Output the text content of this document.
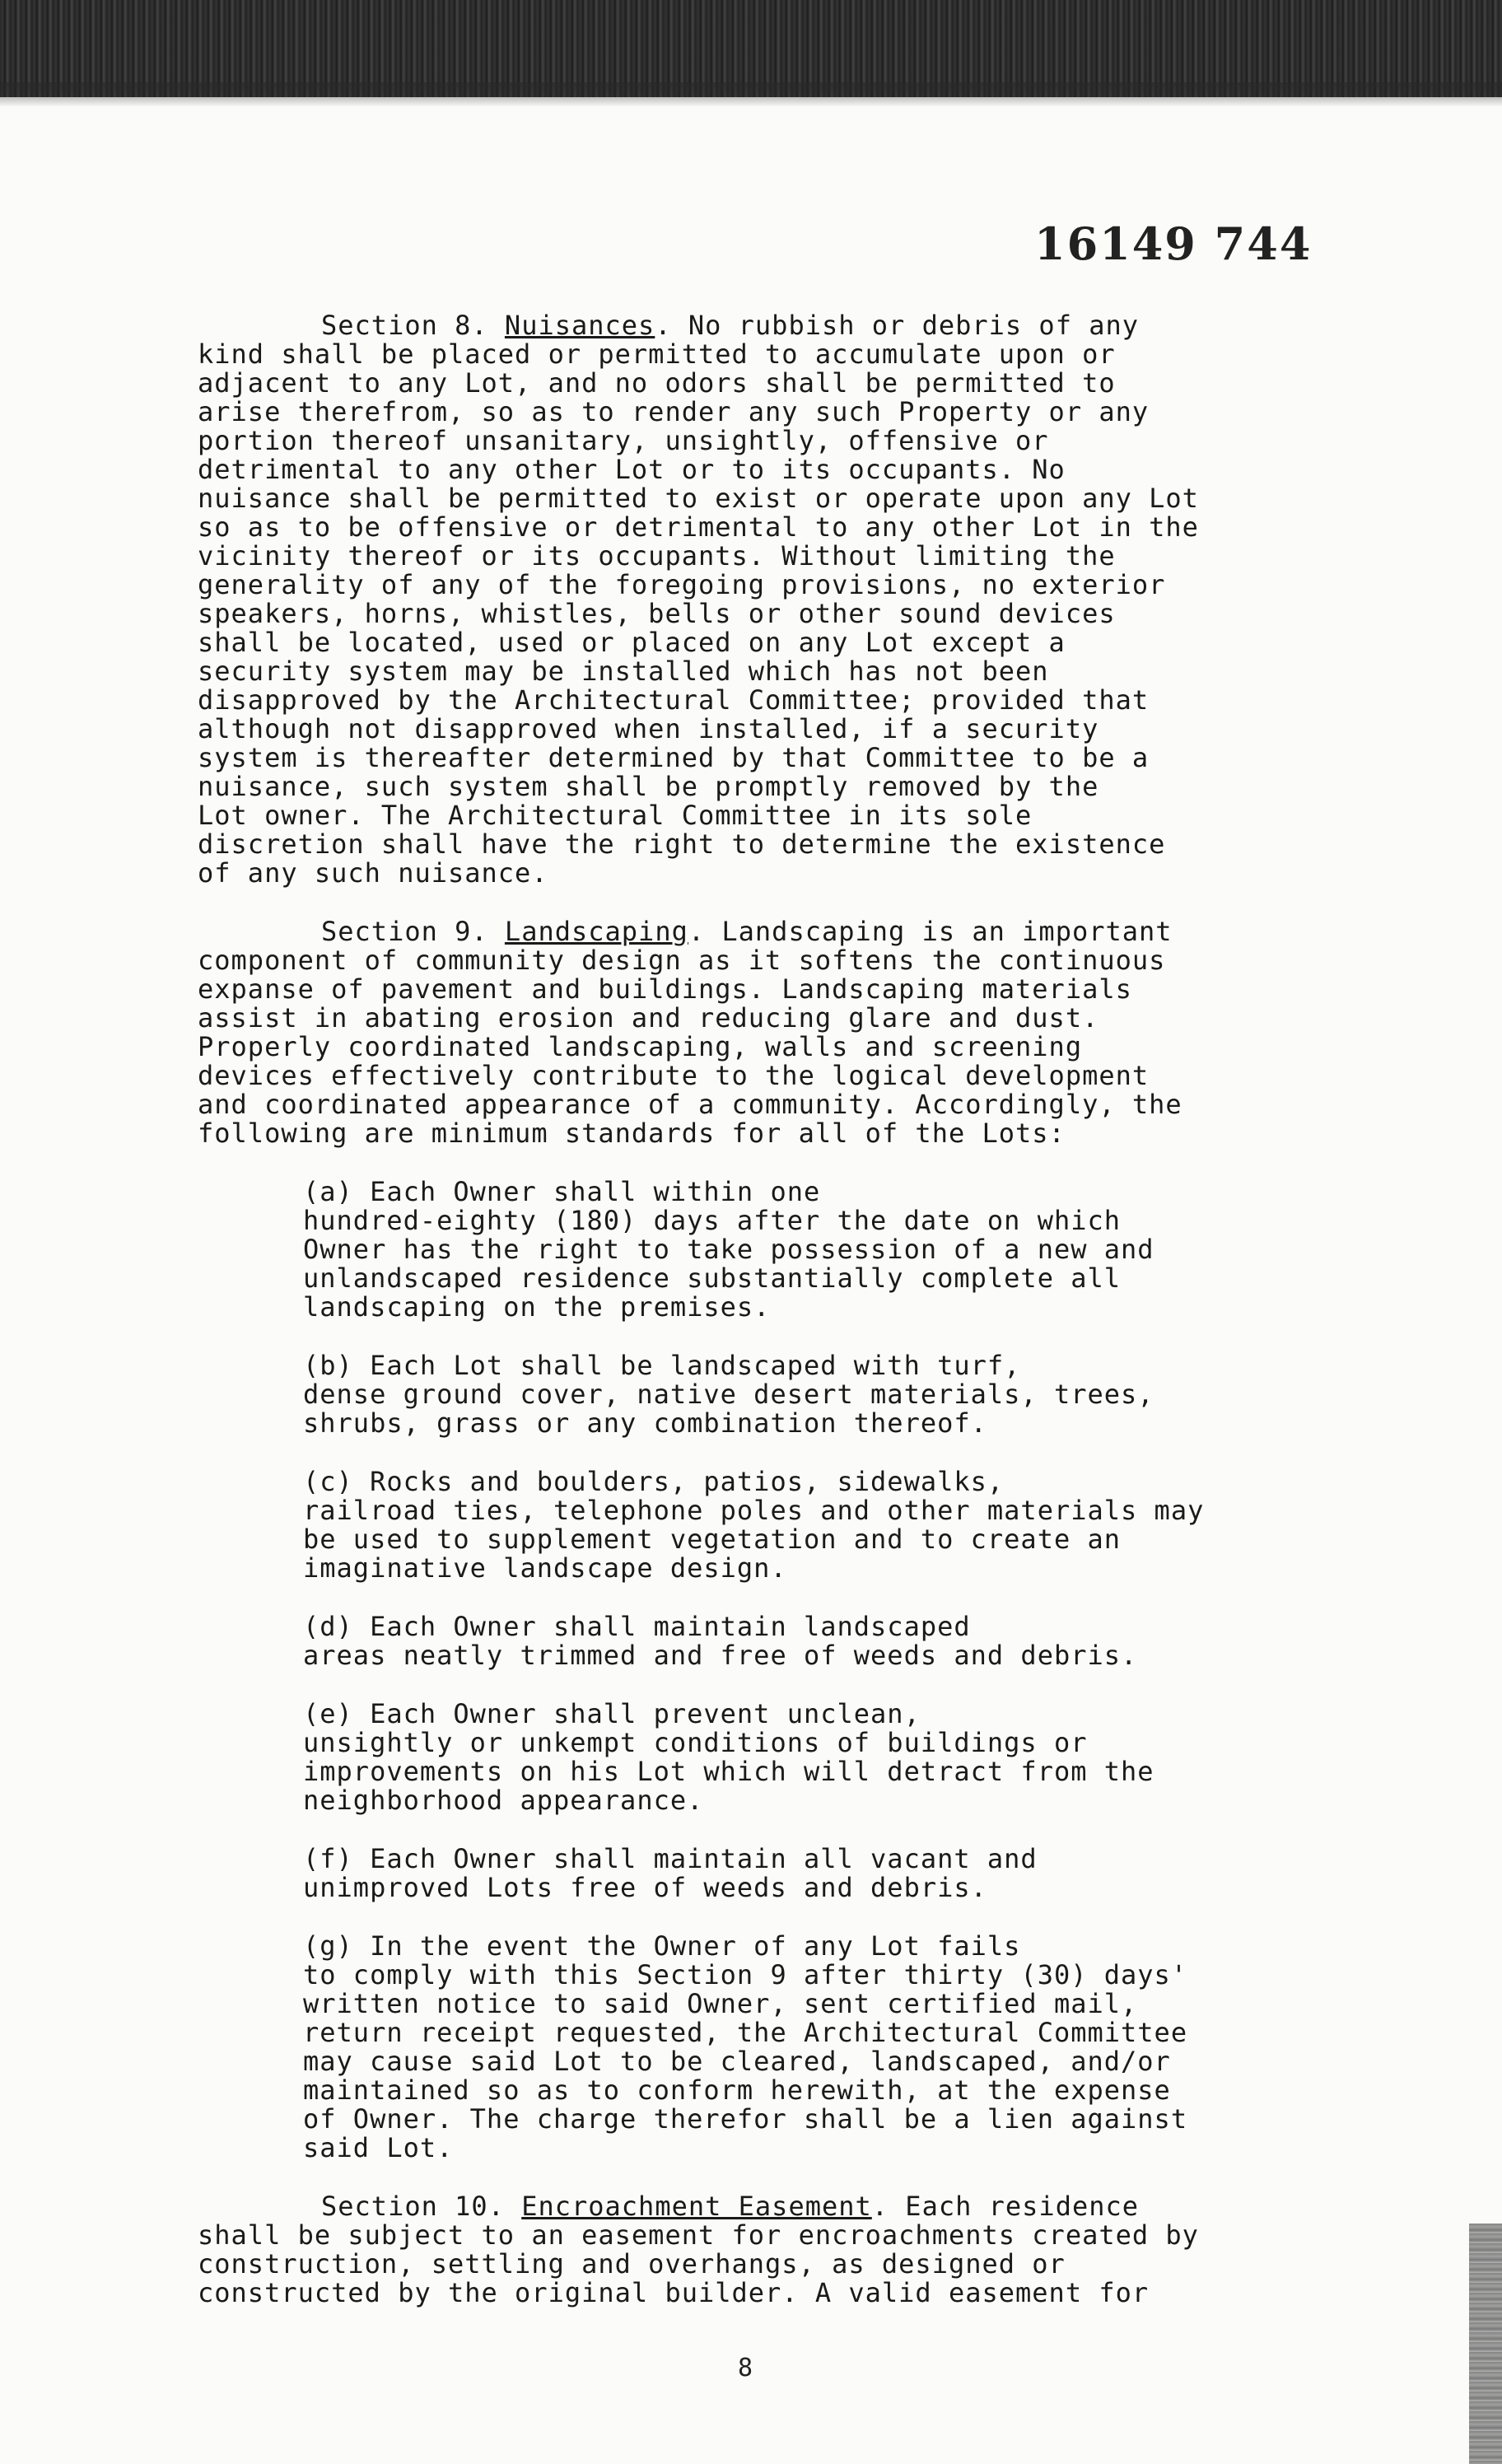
16149 744

Section 8. Nuisances. No rubbish or debris of any
kind shall be placed or permitted to accumulate upon or
adjacent to any Lot, and no odors shall be permitted to
arise therefrom, so as to render any such Property or any
portion thereof unsanitary, unsightly, offensive or
detrimental to any other Lot or to its occupants. No
nuisance shall be permitted to exist or operate upon any Lot
so as to be offensive or detrimental to any other Lot in the
vicinity thereof or its occupants. Without limiting the
generality of any of the foregoing provisions, no exterior
speakers, horns, whistles, bells or other sound devices
shall be located, used or placed on any Lot except a
security system may be installed which has not been
disapproved by the Architectural Committee; provided that
although not disapproved when installed, if a security
system is thereafter determined by that Committee to be a
nuisance, such system shall be promptly removed by the
Lot owner. The Architectural Committee in its sole
discretion shall have the right to determine the existence
of any such nuisance.

Section 9. Landscaping. Landscaping is an important
component of community design as it softens the continuous
expanse of pavement and buildings. Landscaping materials
assist in abating erosion and reducing glare and dust.
Properly coordinated landscaping, walls and screening
devices effectively contribute to the logical development
and coordinated appearance of a community. Accordingly, the
following are minimum standards for all of the Lots:

(a) Each Owner shall within one
hundred-eighty (180) days after the date on which
Owner has the right to take possession of a new and
unlandscaped residence substantially complete all
landscaping on the premises.

(b) Each Lot shall be landscaped with turf,
dense ground cover, native desert materials, trees,
shrubs, grass or any combination thereof.

(c) Rocks and boulders, patios, sidewalks,
railroad ties, telephone poles and other materials may
be used to supplement vegetation and to create an
imaginative landscape design.

(d) Each Owner shall maintain landscaped
areas neatly trimmed and free of weeds and debris.

(e) Each Owner shall prevent unclean,
unsightly or unkempt conditions of buildings or
improvements on his Lot which will detract from the
neighborhood appearance.

(f) Each Owner shall maintain all vacant and
unimproved Lots free of weeds and debris.

(g) In the event the Owner of any Lot fails
to comply with this Section 9 after thirty (30) days'
written notice to said Owner, sent certified mail,
return receipt requested, the Architectural Committee
may cause said Lot to be cleared, landscaped, and/or
maintained so as to conform herewith, at the expense
of Owner. The charge therefor shall be a lien against
said Lot.

Section 10. Encroachment Easement. Each residence
shall be subject to an easement for encroachments created by
construction, settling and overhangs, as designed or
constructed by the original builder. A valid easement for

8
